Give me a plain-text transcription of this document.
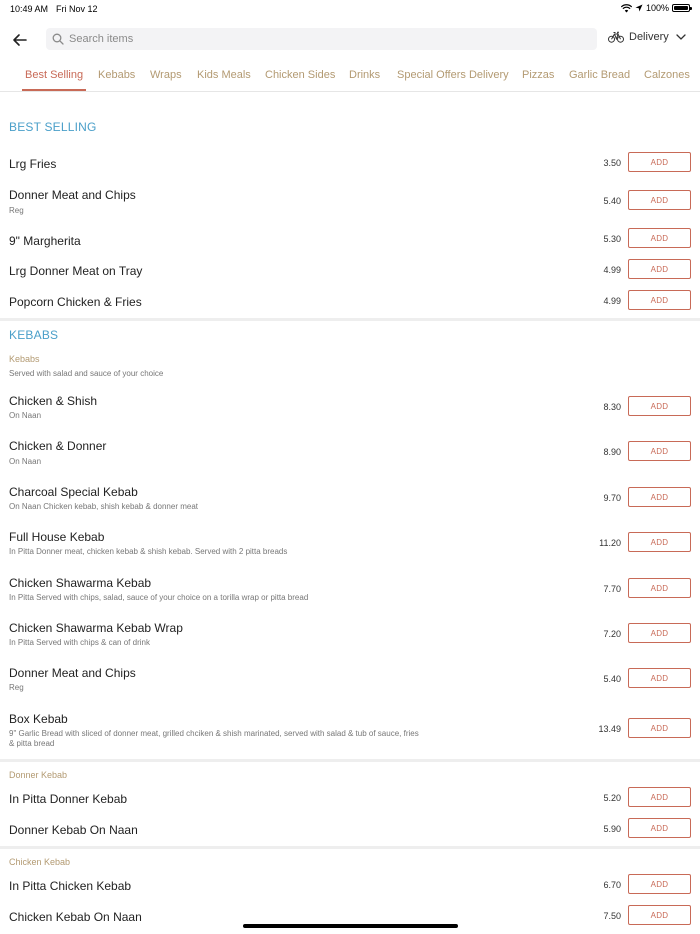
10:49 AM Fri Nov 12	100%
Search items
Delivery
Best Selling Kebabs Wraps Kids Meals Chicken Sides Drinks Special Offers Delivery Pizzas Garlic Bread Calzones
BEST SELLING
Lrg Fries	3.50	ADD
Donner Meat and Chips
Reg
5.40	ADD
9" Margherita	5.30	ADD
Lrg Donner Meat on Tray	4.99	ADD
Popcorn Chicken & Fries	4.99	ADD
KEBABS
Kebabs
Served with salad and sauce of your choice
Chicken & Shish
On Naan
8.30	ADD
Chicken & Donner
On Naan
8.90	ADD
Charcoal Special Kebab
On Naan Chicken kebab, shish kebab & donner meat
9.70	ADD
Full House Kebab
In Pitta Donner meat, chicken kebab & shish kebab. Served with 2 pitta breads
11.20	ADD
Chicken Shawarma Kebab
In Pitta Served with chips, salad, sauce of your choice on a torilla wrap or pitta bread
7.70	ADD
Chicken Shawarma Kebab Wrap
In Pitta Served with chips & can of drink
7.20	ADD
Donner Meat and Chips
Reg
5.40	ADD
Box Kebab
9" Garlic Bread with sliced of donner meat, grilled chciken & shish marinated, served with salad & tub of sauce, fries & pitta bread
13.49	ADD
Donner Kebab
In Pitta Donner Kebab	5.20	ADD
Donner Kebab On Naan	5.90	ADD
Chicken Kebab
In Pitta Chicken Kebab	6.70	ADD
Chicken Kebab On Naan	7.50	ADD
